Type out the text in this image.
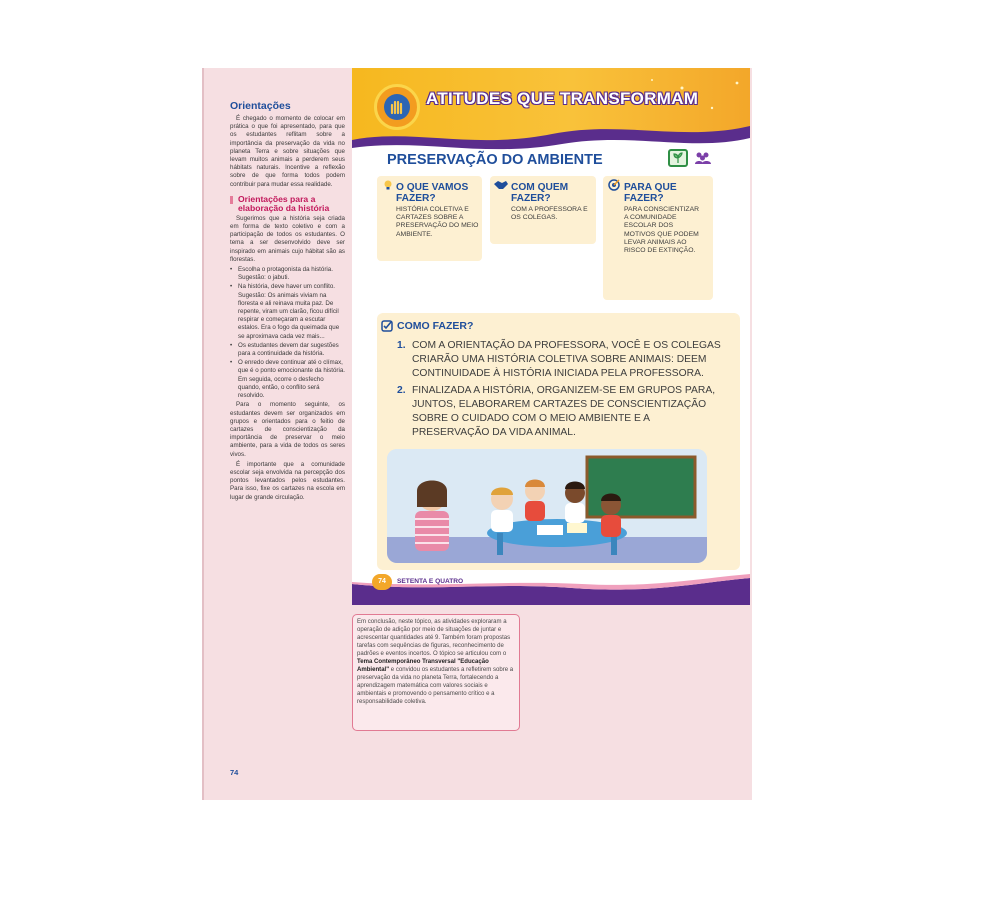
Orientações

É chegado o momento de colocar em prática o que foi apresentado, para que os estudantes reflitam sobre a importância da preservação da vida no planeta Terra e sobre situações que levam muitos animais a perderem seus hábitats naturais. Incentive a reflexão sobre de que forma todos podem contribuir para mudar essa realidade.

Orientações para a elaboração da história

Sugerimos que a história seja criada em forma de texto coletivo e com a participação de todos os estudantes. O tema a ser desenvolvido deve ser inspirado em animais cujo hábitat são as florestas.

• Escolha o protagonista da história. Sugestão: o jabuti.
• Na história, deve haver um conflito. Sugestão: Os animais viviam na floresta e ali reinava muita paz. De repente, viram um clarão, ficou difícil respirar e começaram a escutar estalos. Era o fogo da queimada que se aproximava cada vez mais...
• Os estudantes devem dar sugestões para a continuidade da história.
• O enredo deve continuar até o clímax, que é o ponto emocionante da história. Em seguida, ocorre o desfecho quando, então, o conflito será resolvido.

Para o momento seguinte, os estudantes devem ser organizados em grupos e orientados para o feitio de cartazes de conscientização da importância de preservar o meio ambiente, para a vida de todos os seres vivos.

É importante que a comunidade escolar seja envolvida na percepção dos pontos levantados pelos estudantes. Para isso, fixe os cartazes na escola em lugar de grande circulação.

ATITUDES QUE TRANSFORMAM
PRESERVAÇÃO DO AMBIENTE
O QUE VAMOS FAZER?
HISTÓRIA COLETIVA E CARTAZES SOBRE A PRESERVAÇÃO DO MEIO AMBIENTE.
COM QUEM FAZER?
COM A PROFESSORA E OS COLEGAS.
PARA QUE FAZER?
PARA CONSCIENTIZAR A COMUNIDADE ESCOLAR DOS MOTIVOS QUE PODEM LEVAR ANIMAIS AO RISCO DE EXTINÇÃO.
COMO FAZER?
1. COM A ORIENTAÇÃO DA PROFESSORA, VOCÊ E OS COLEGAS CRIARÃO UMA HISTÓRIA COLETIVA SOBRE ANIMAIS: DEEM CONTINUIDADE À HISTÓRIA INICIADA PELA PROFESSORA.
2. FINALIZADA A HISTÓRIA, ORGANIZEM-SE EM GRUPOS PARA, JUNTOS, ELABORAREM CARTAZES DE CONSCIENTIZAÇÃO SOBRE O CUIDADO COM O MEIO AMBIENTE E A PRESERVAÇÃO DA VIDA ANIMAL.
74	SETENTA E QUATRO
Em conclusão, neste tópico, as atividades exploraram a operação de adição por meio de situações de juntar e acrescentar quantidades até 9. Também foram propostas tarefas com sequências de figuras, reconhecimento de padrões e eventos incertos. O tópico se articulou com o Tema Contemporâneo Transversal "Educação Ambiental" e convidou os estudantes a refletirem sobre a preservação da vida no planeta Terra, fortalecendo a aprendizagem matemática com valores sociais e ambientais e promovendo o pensamento crítico e a responsabilidade coletiva.
74
